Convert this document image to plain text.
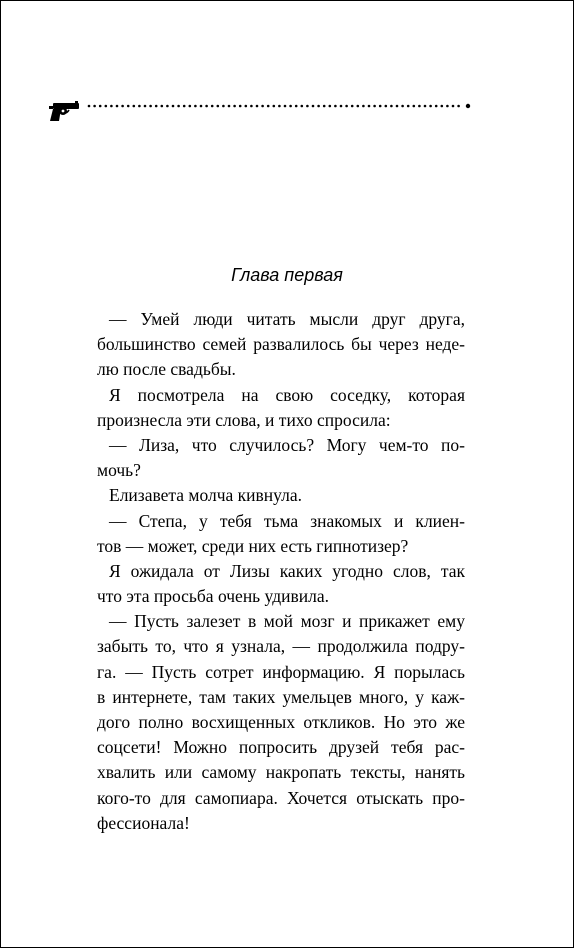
Глава первая

— Умей люди читать мысли друг друга,
большинство семей развалилось бы через неде-
лю после свадьбы.
Я посмотрела на свою соседку, которая
произнесла эти слова, и тихо спросила:
— Лиза, что случилось? Могу чем-то по-
мочь?
Елизавета молча кивнула.
— Степа, у тебя тьма знакомых и клиен-
тов — может, среди них есть гипнотизер?
Я ожидала от Лизы каких угодно слов, так
что эта просьба очень удивила.
— Пусть залезет в мой мозг и прикажет ему
забыть то, что я узнала, — продолжила подру-
га. — Пусть сотрет информацию. Я порылась
в интернете, там таких умельцев много, у каж-
дого полно восхищенных откликов. Но это же
соцсети! Можно попросить друзей тебя рас-
хвалить или самому накропать тексты, нанять
кого-то для самопиара. Хочется отыскать про-
фессионала!
